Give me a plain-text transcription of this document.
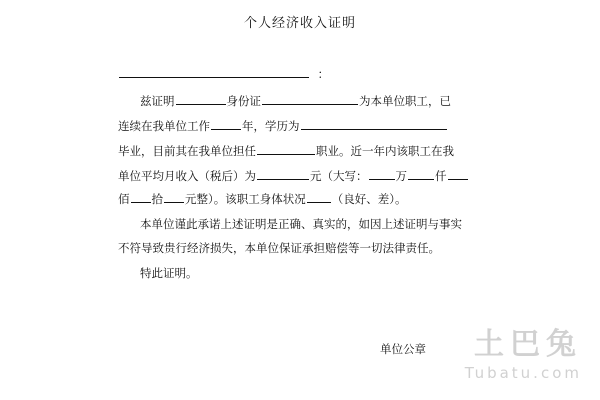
个人经济收入证明
：
兹证明	身份证	为本单位职工，已
连续在我单位工作	年，学历为
毕业，目前其在我单位担任	职业。近一年内该职工在我
单位平均月收入（税后）为	元（大写： 万 仟
佰 拾 元整）。该职工身体状况 （良好、差）。
本单位谨此承诺上述证明是正确、真实的，如因上述证明与事实
不符导致贵行经济损失，本单位保证承担赔偿等一切法律责任。
特此证明。
单位公章	土巴兔
Tubatu.com
